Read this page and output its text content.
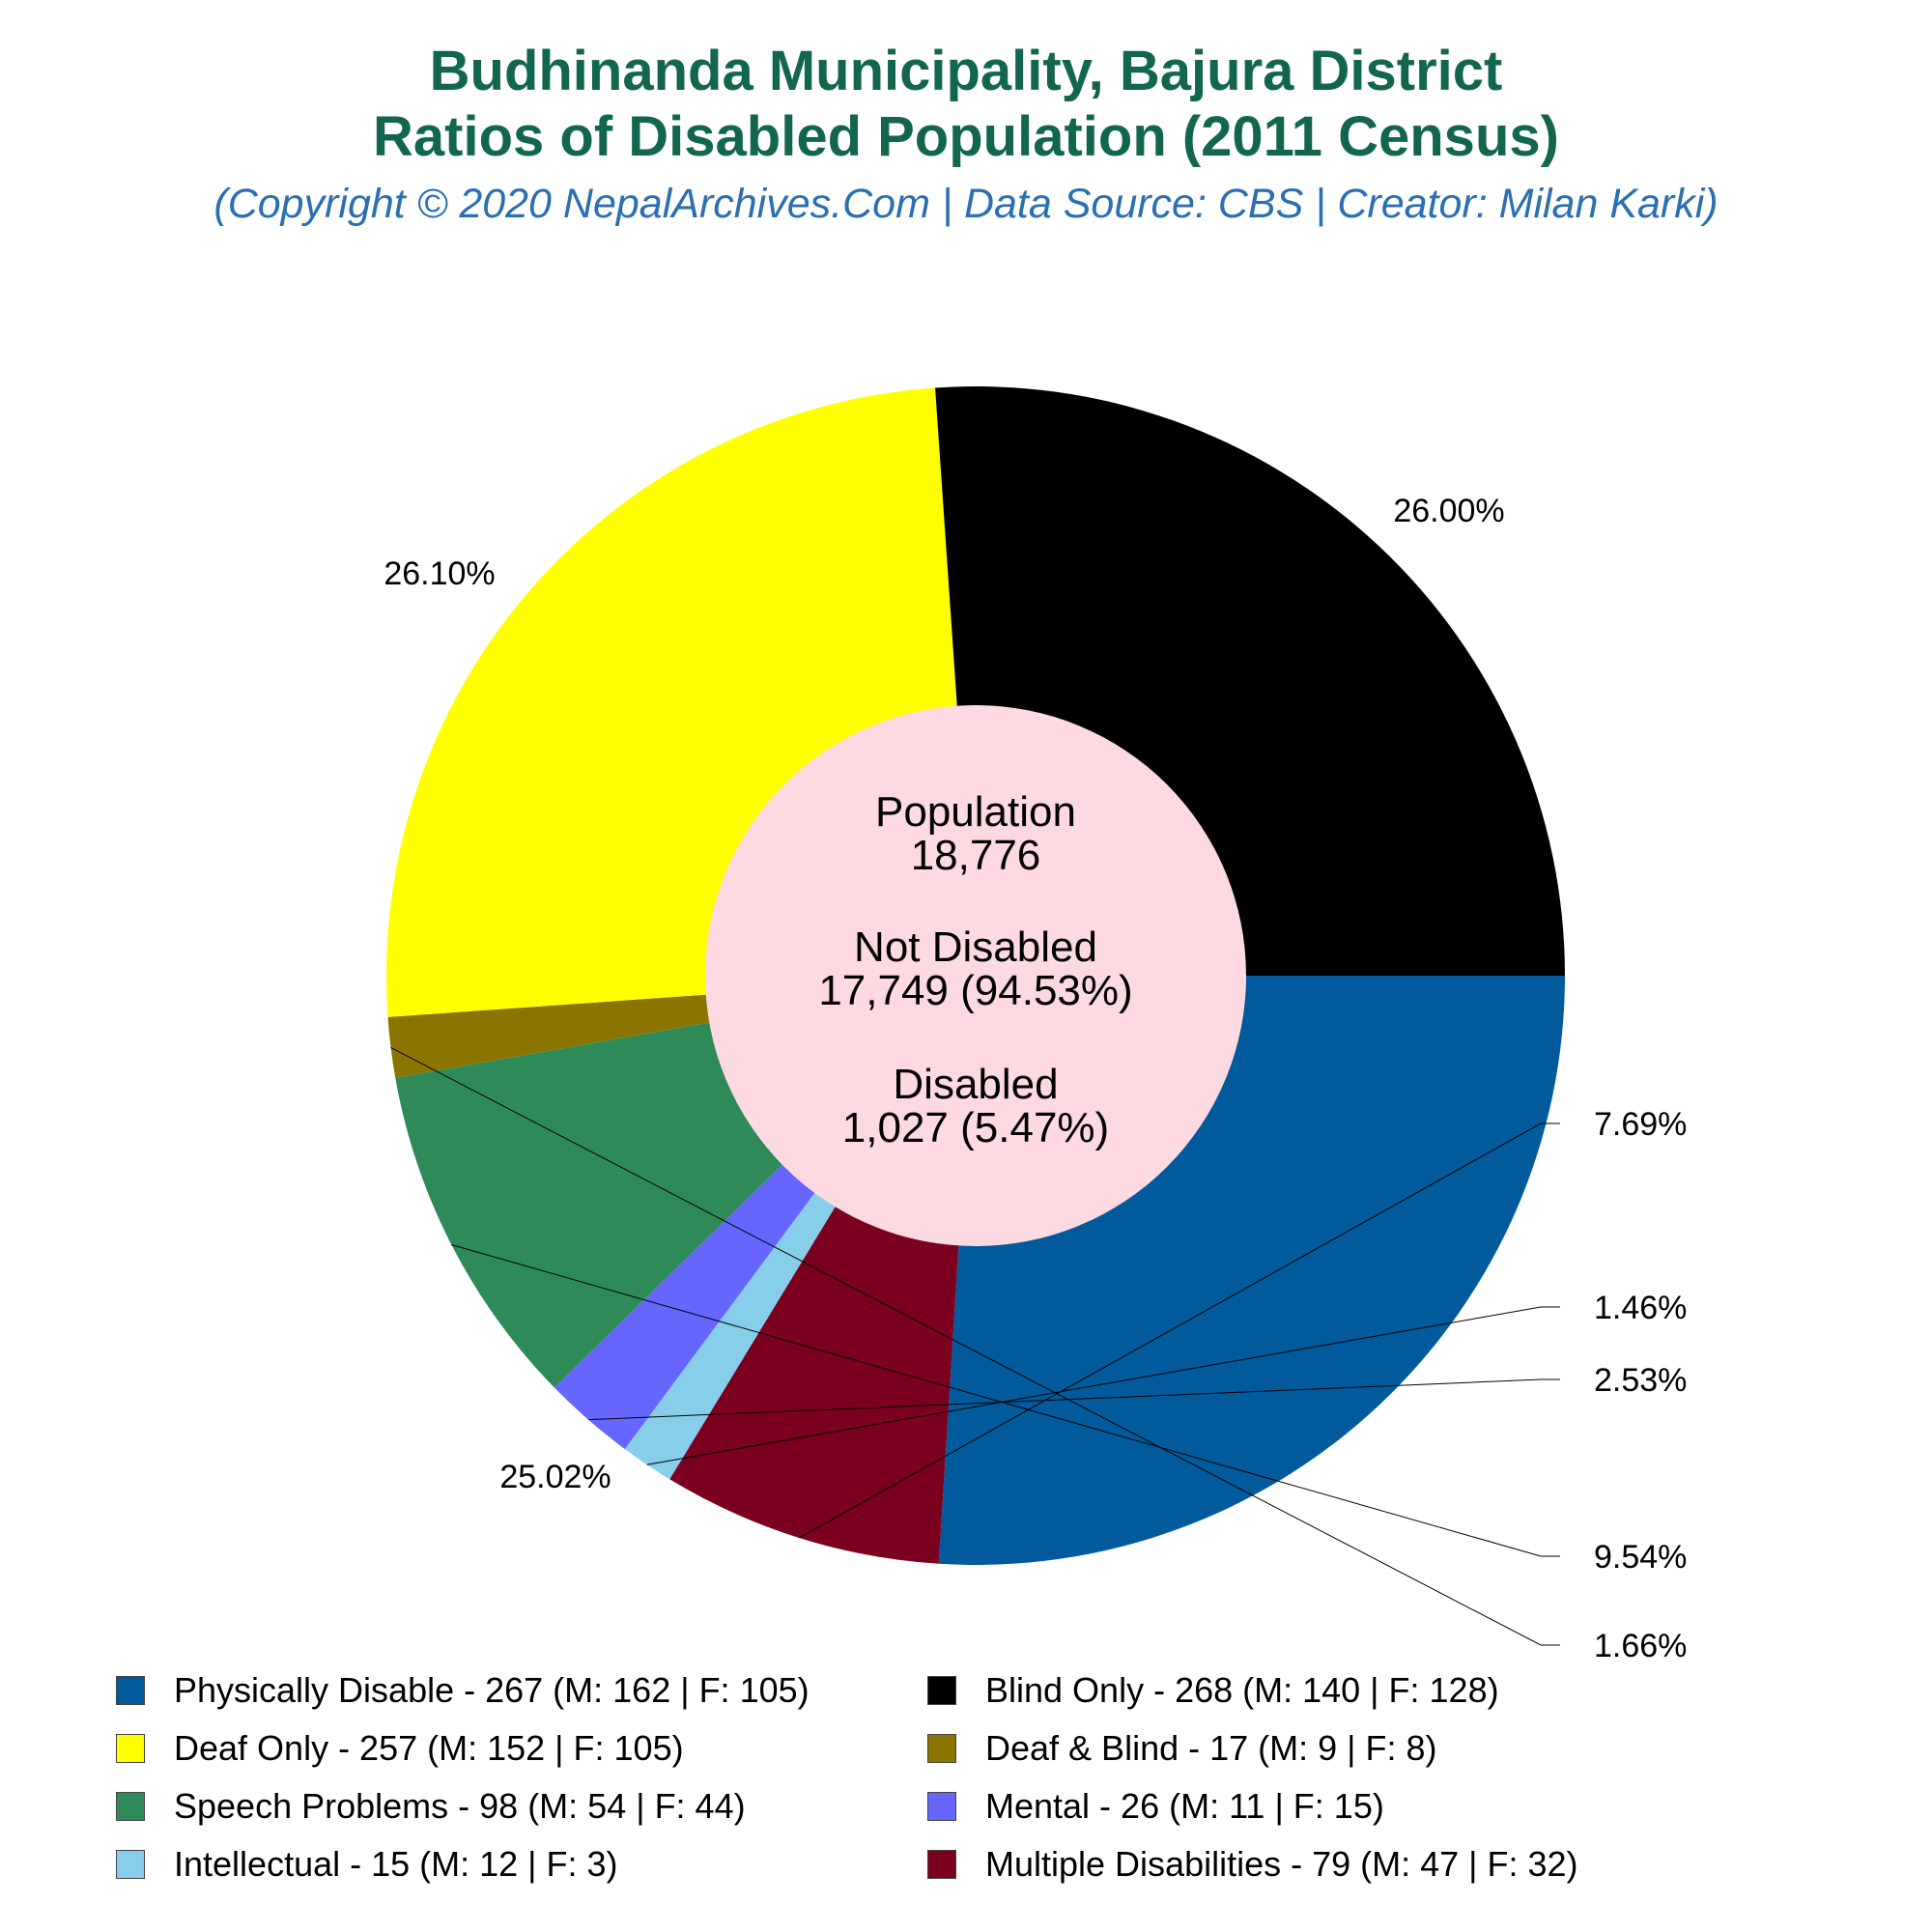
Budhinanda Municipality, Bajura District
Ratios of Disabled Population (2011 Census)
(Copyright © 2020 NepalArchives.Com | Data Source: CBS | Creator: Milan Karki)
26.00%
7.69%
1.46%
2.53%
9.54%
1.66%
25.02%
26.10%
Population
18,776
Not Disabled
17,749 (94.53%)
Disabled
1,027 (5.47%)
Physically Disable - 267 (M: 162 | F: 105)	Blind Only - 268 (M: 140 | F: 128)
Deaf Only - 257 (M: 152 | F: 105)	Deaf & Blind - 17 (M: 9 | F: 8)
Speech Problems - 98 (M: 54 | F: 44)	Mental - 26 (M: 11 | F: 15)
Intellectual - 15 (M: 12 | F: 3)	Multiple Disabilities - 79 (M: 47 | F: 32)
